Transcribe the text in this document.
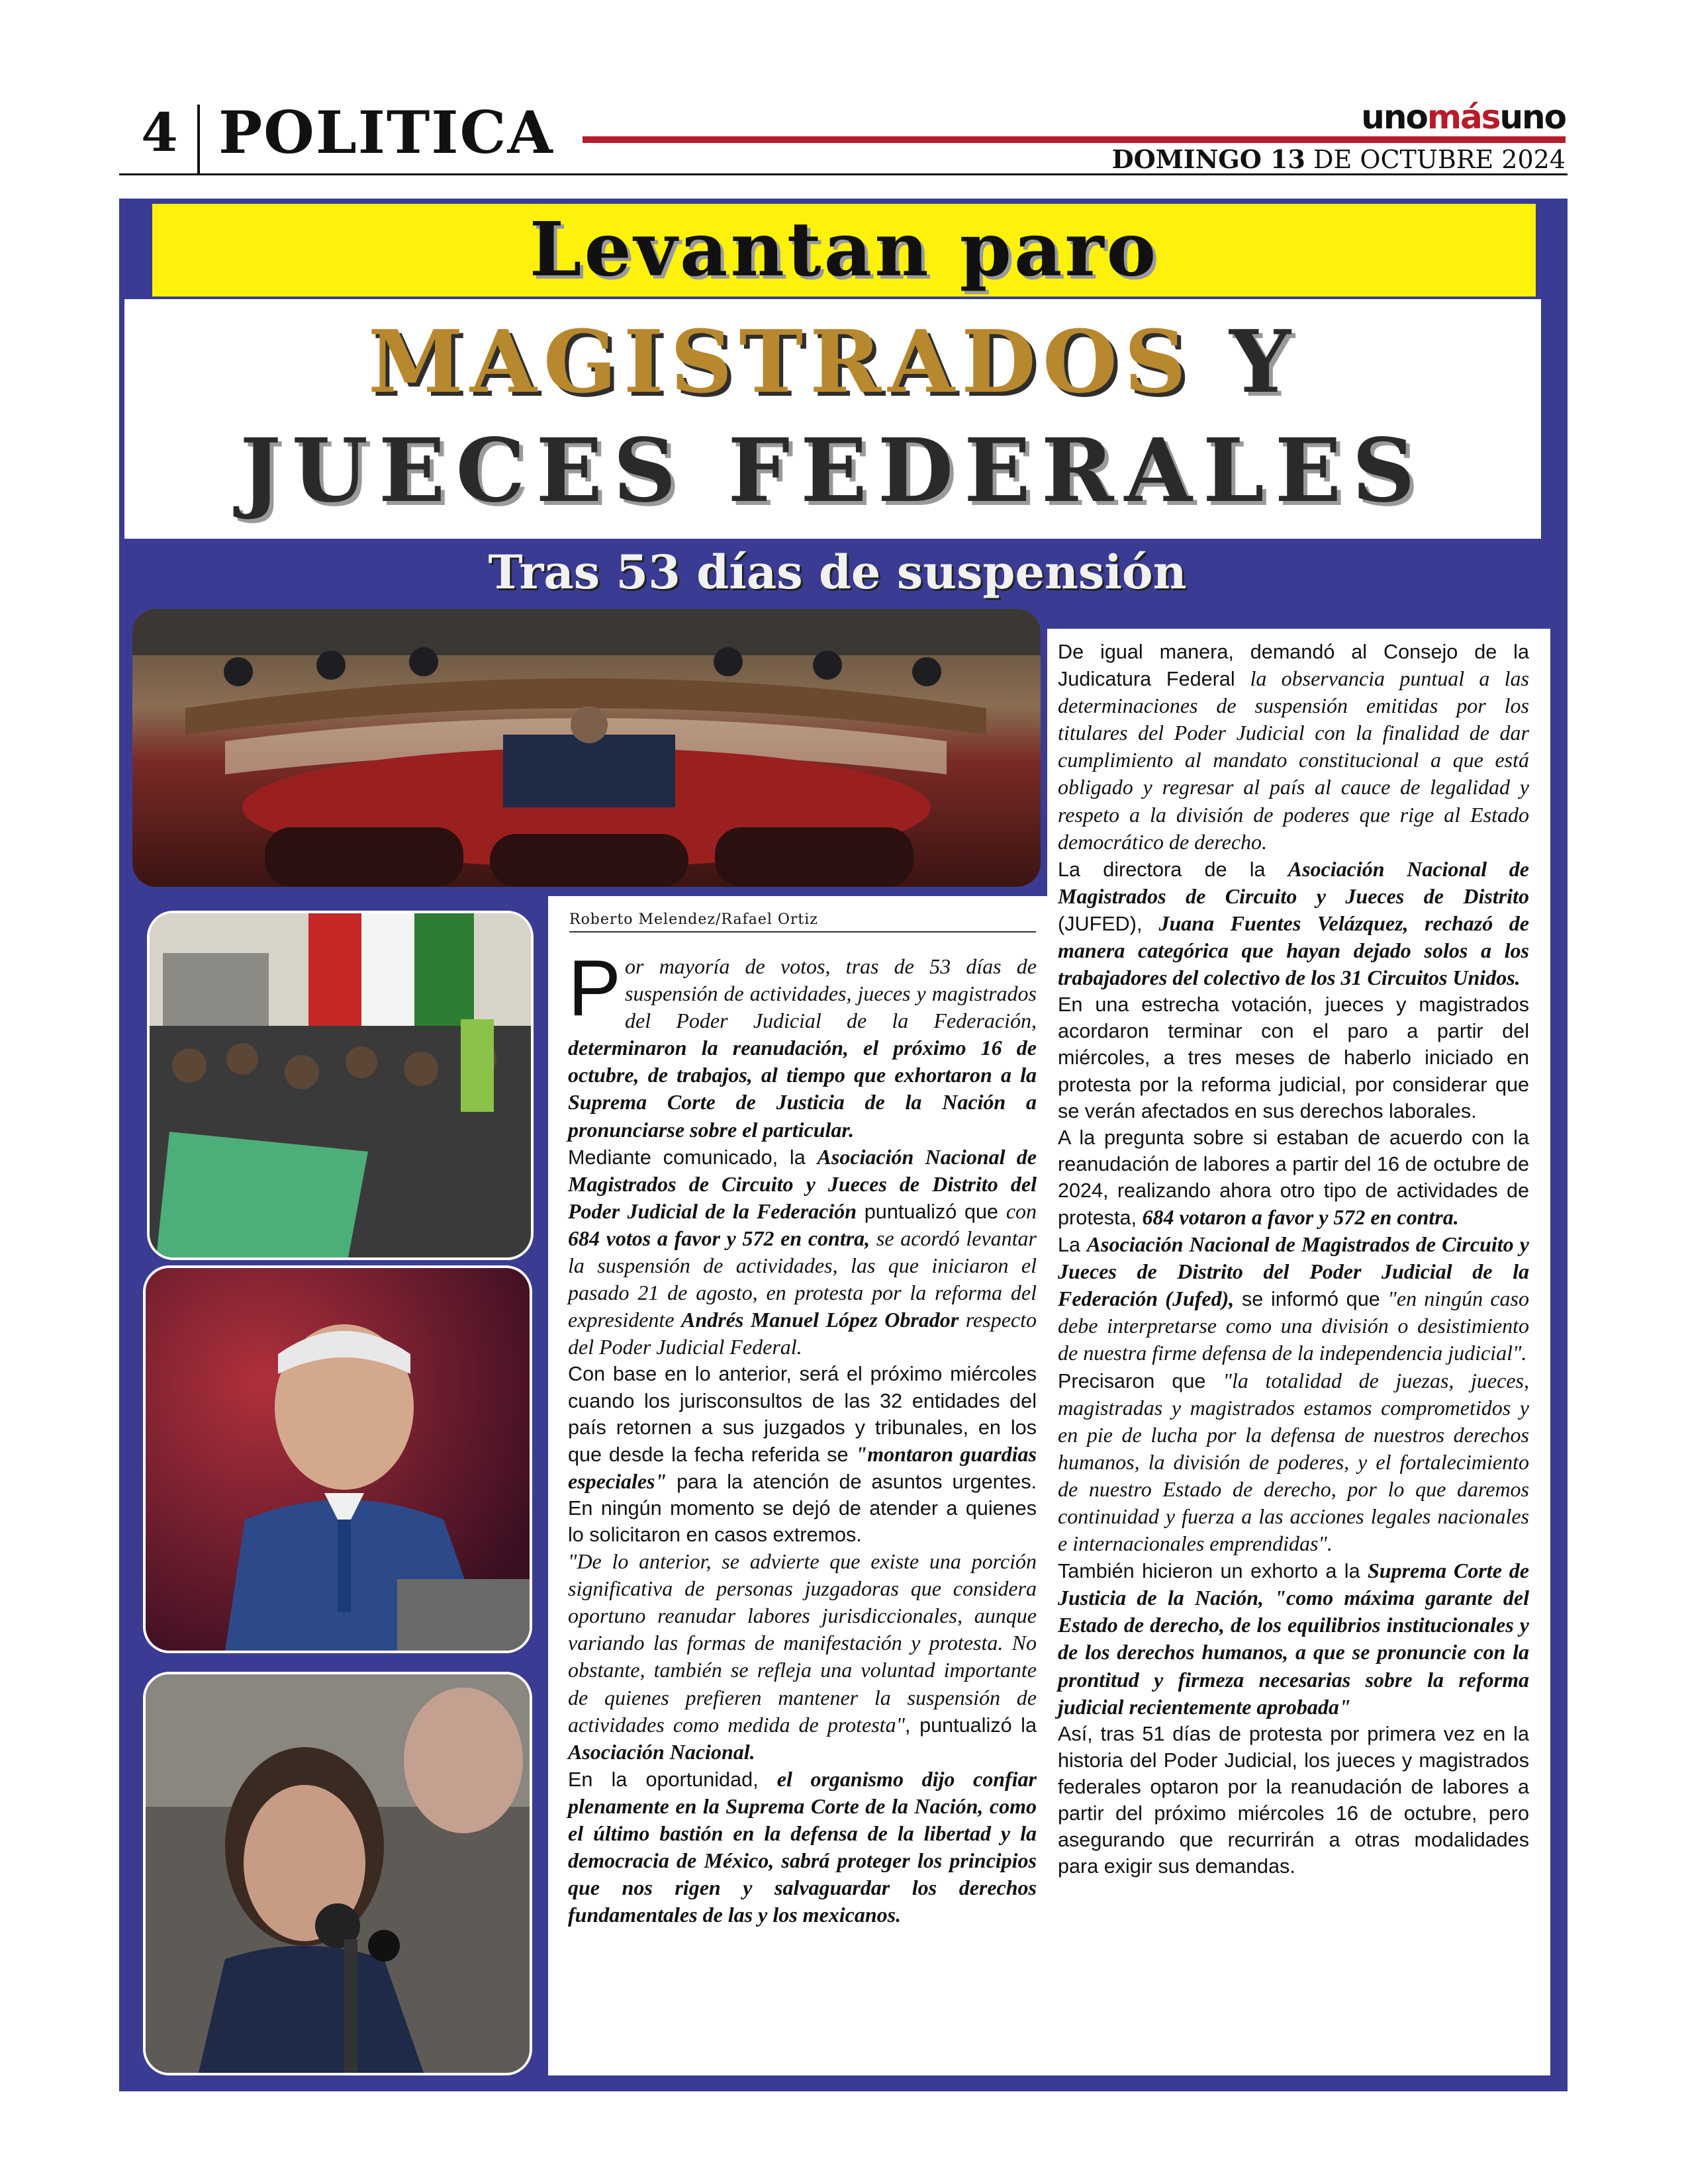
4 POLITICA	unomásuno
DOMINGO 13 DE OCTUBRE 2024
Levantan paro
MAGISTRADOS Y
JUECES FEDERALES
Tras 53 días de suspensión
Roberto Melendez/Rafael Ortiz

Por mayoría de votos, tras de 53 días de suspensión de actividades, jueces y magistrados del Poder Judicial de la Federación, determinaron la reanudación, el próximo 16 de octubre, de trabajos, al tiempo que exhortaron a la Suprema Corte de Justicia de la Nación a pronunciarse sobre el particular.

Mediante comunicado, la Asociación Nacional de Magistrados de Circuito y Jueces de Distrito del Poder Judicial de la Federación puntualizó que con 684 votos a favor y 572 en contra, se acordó levantar la suspensión de actividades, las que iniciaron el pasado 21 de agosto, en protesta por la reforma del expresidente Andrés Manuel López Obrador respecto del Poder Judicial Federal.

Con base en lo anterior, será el próximo miércoles cuando los jurisconsultos de las 32 entidades del país retornen a sus juzgados y tribunales, en los que desde la fecha referida se "montaron guardias especiales" para la atención de asuntos urgentes. En ningún momento se dejó de atender a quienes lo solicitaron en casos extremos.

"De lo anterior, se advierte que existe una porción significativa de personas juzgadoras que considera oportuno reanudar labores jurisdiccionales, aunque variando las formas de manifestación y protesta. No obstante, también se refleja una voluntad importante de quienes prefieren mantener la suspensión de actividades como medida de protesta", puntualizó la Asociación Nacional.

En la oportunidad, el organismo dijo confiar plenamente en la Suprema Corte de la Nación, como el último bastión en la defensa de la libertad y la democracia de México, sabrá proteger los principios que nos rigen y salvaguardar los derechos fundamentales de las y los mexicanos.

De igual manera, demandó al Consejo de la Judicatura Federal la observancia puntual a las determinaciones de suspensión emitidas por los titulares del Poder Judicial con la finalidad de dar cumplimiento al mandato constitucional a que está obligado y regresar al país al cauce de legalidad y respeto a la división de poderes que rige al Estado democrático de derecho.

La directora de la Asociación Nacional de Magistrados de Circuito y Jueces de Distrito (JUFED), Juana Fuentes Velázquez, rechazó de manera categórica que hayan dejado solos a los trabajadores del colectivo de los 31 Circuitos Unidos.

En una estrecha votación, jueces y magistrados acordaron terminar con el paro a partir del miércoles, a tres meses de haberlo iniciado en protesta por la reforma judicial, por considerar que se verán afectados en sus derechos laborales.

A la pregunta sobre si estaban de acuerdo con la reanudación de labores a partir del 16 de octubre de 2024, realizando ahora otro tipo de actividades de protesta, 684 votaron a favor y 572 en contra.

La Asociación Nacional de Magistrados de Circuito y Jueces de Distrito del Poder Judicial de la Federación (Jufed), se informó que "en ningún caso debe interpretarse como una división o desistimiento de nuestra firme defensa de la independencia judicial".

Precisaron que "la totalidad de juezas, jueces, magistradas y magistrados estamos comprometidos y en pie de lucha por la defensa de nuestros derechos humanos, la división de poderes, y el fortalecimiento de nuestro Estado de derecho, por lo que daremos continuidad y fuerza a las acciones legales nacionales e internacionales emprendidas".

También hicieron un exhorto a la Suprema Corte de Justicia de la Nación, "como máxima garante del Estado de derecho, de los equilibrios institucionales y de los derechos humanos, a que se pronuncie con la prontitud y firmeza necesarias sobre la reforma judicial recientemente aprobada"

Así, tras 51 días de protesta por primera vez en la historia del Poder Judicial, los jueces y magistrados federales optaron por la reanudación de labores a partir del próximo miércoles 16 de octubre, pero asegurando que recurrirán a otras modalidades para exigir sus demandas.
